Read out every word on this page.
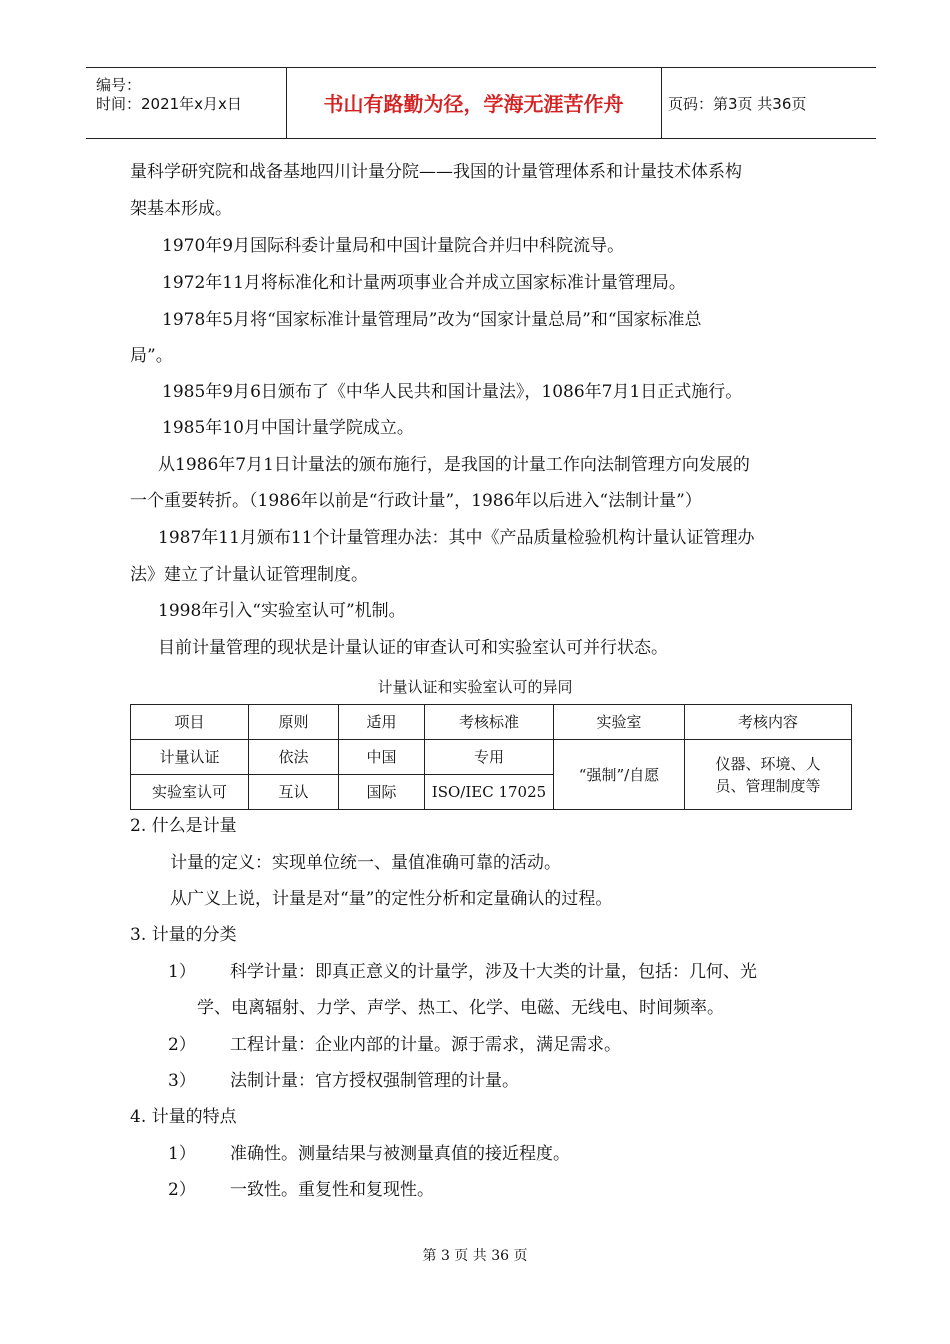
编号：
时间：2021年x月x日	书山有路勤为径，学海无涯苦作舟	页码：第3页 共36页
量科学研究院和战备基地四川计量分院——我国的计量管理体系和计量技术体系构
架基本形成。
1970年9月国际科委计量局和中国计量院合并归中科院流导。
1972年11月将标准化和计量两项事业合并成立国家标准计量管理局。
1978年5月将“国家标准计量管理局”改为“国家计量总局”和“国家标准总
局”。
1985年9月6日颁布了《中华人民共和国计量法》，1086年7月1日正式施行。
1985年10月中国计量学院成立。
从1986年7月1日计量法的颁布施行，是我国的计量工作向法制管理方向发展的
一个重要转折。（1986年以前是“行政计量”，1986年以后进入“法制计量”）
1987年11月颁布11个计量管理办法：其中《产品质量检验机构计量认证管理办
法》建立了计量认证管理制度。
1998年引入“实验室认可”机制。
目前计量管理的现状是计量认证的审查认可和实验室认可并行状态。
计量认证和实验室认可的异同
项目	原则	适用	考核标准	实验室	考核内容
计量认证	依法	中国	专用	“强制”/自愿	仪器、环境、人
员、管理制度等
实验室认可	互认	国际	ISO/IEC 17025		
2. 什么是计量
计量的定义：实现单位统一、量值准确可靠的活动。
从广义上说，计量是对“量”的定性分析和定量确认的过程。
3. 计量的分类
1） 科学计量：即真正意义的计量学，涉及十大类的计量，包括：几何、光
学、电离辐射、力学、声学、热工、化学、电磁、无线电、时间频率。
2） 工程计量：企业内部的计量。源于需求，满足需求。
3） 法制计量：官方授权强制管理的计量。
4. 计量的特点
1） 准确性。测量结果与被测量真值的接近程度。
2） 一致性。重复性和复现性。
第 3 页 共 36 页
